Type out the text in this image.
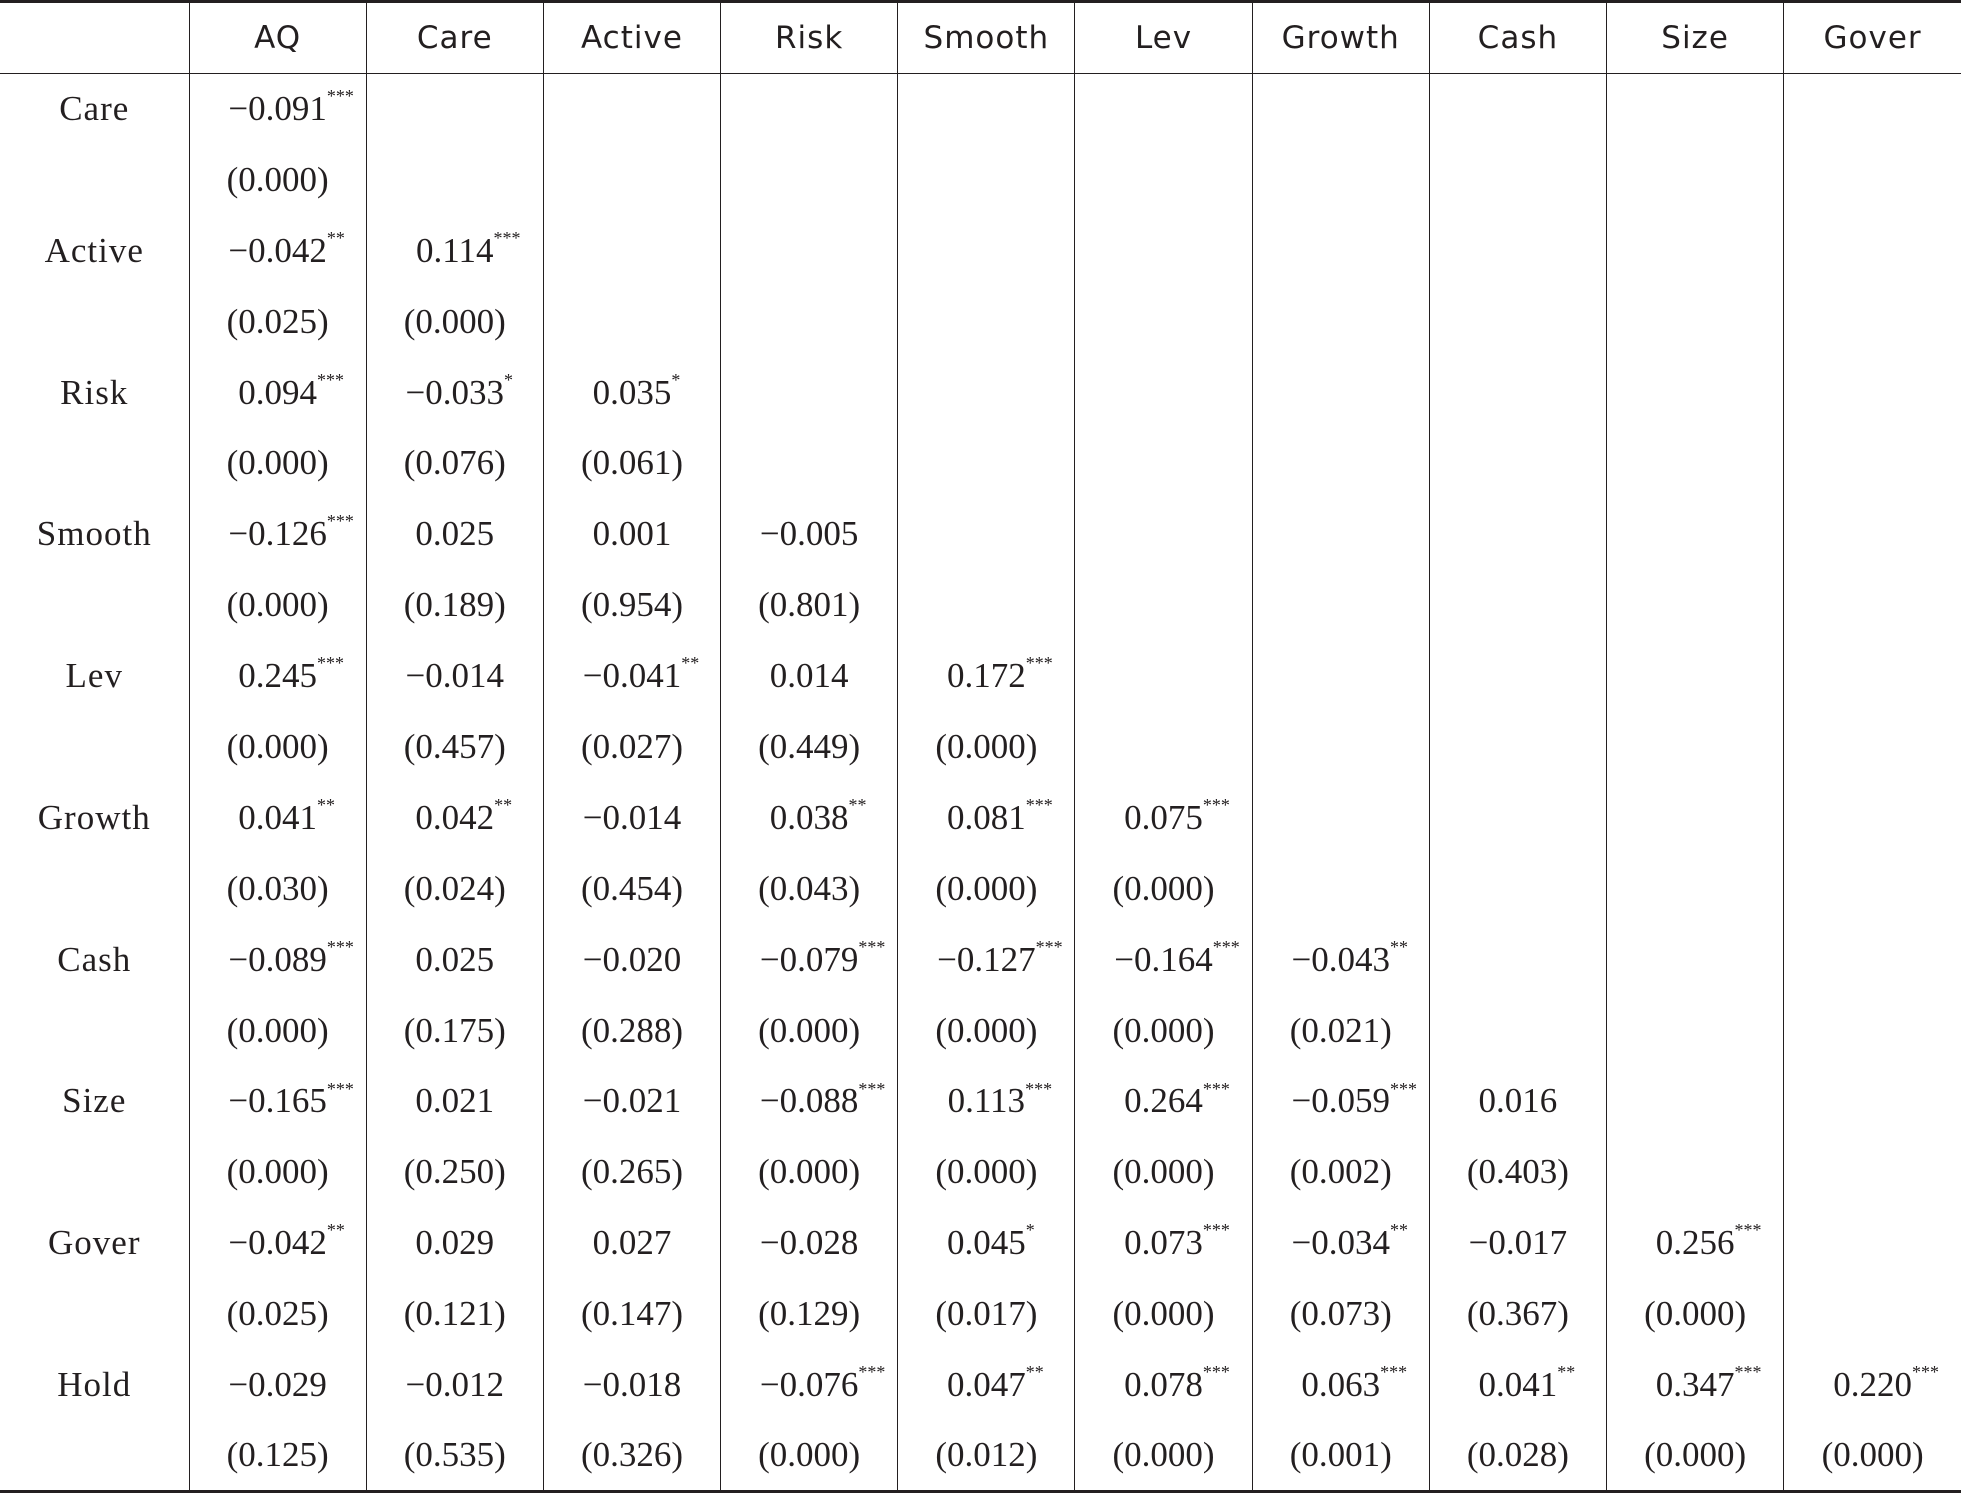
	AQ	Care	Active	Risk	Smooth	Lev	Growth	Cash	Size	Gover
Care	−0.091 ***									

	(0.000)									
Active	−0.042 **	0.114 ***								

	(0.025)	(0.000)								
Risk	0.094 ***	−0.033 *	0.035 *							

	(0.000)	(0.076)	(0.061)							
Smooth	−0.126 ***	0.025	0.001	−0.005						
	(0.000)	(0.189)	(0.954)	(0.801)						
Lev	0.245 ***	−0.014	−0.041 **	0.014	0.172 ***					

	(0.000)	(0.457)	(0.027)	(0.449)	(0.000)					
Growth	0.041 **	0.042 **	−0.014	0.038 **	0.081 ***	0.075 ***				

	(0.030)	(0.024)	(0.454)	(0.043)	(0.000)	(0.000)				
Cash	−0.089 ***	0.025	−0.020	−0.079 ***	−0.127 ***	−0.164 ***	−0.043 **			

	(0.000)	(0.175)	(0.288)	(0.000)	(0.000)	(0.000)	(0.021)			
Size	−0.165 ***	0.021	−0.021	−0.088 ***	0.113 ***	0.264 ***	−0.059 ***	0.016		
	(0.000)	(0.250)	(0.265)	(0.000)	(0.000)	(0.000)	(0.002)	(0.403)		
Gover	−0.042 **	0.029	0.027	−0.028	0.045 *	0.073 ***	−0.034 **	−0.017	0.256 ***	

	(0.025)	(0.121)	(0.147)	(0.129)	(0.017)	(0.000)	(0.073)	(0.367)	(0.000)	
Hold	−0.029	−0.012	−0.018	−0.076 ***	0.047 **	0.078 ***	0.063 ***	0.041 **	0.347 ***	0.220 ***

	(0.125)	(0.535)	(0.326)	(0.000)	(0.012)	(0.000)	(0.001)	(0.028)	(0.000)	(0.000)
